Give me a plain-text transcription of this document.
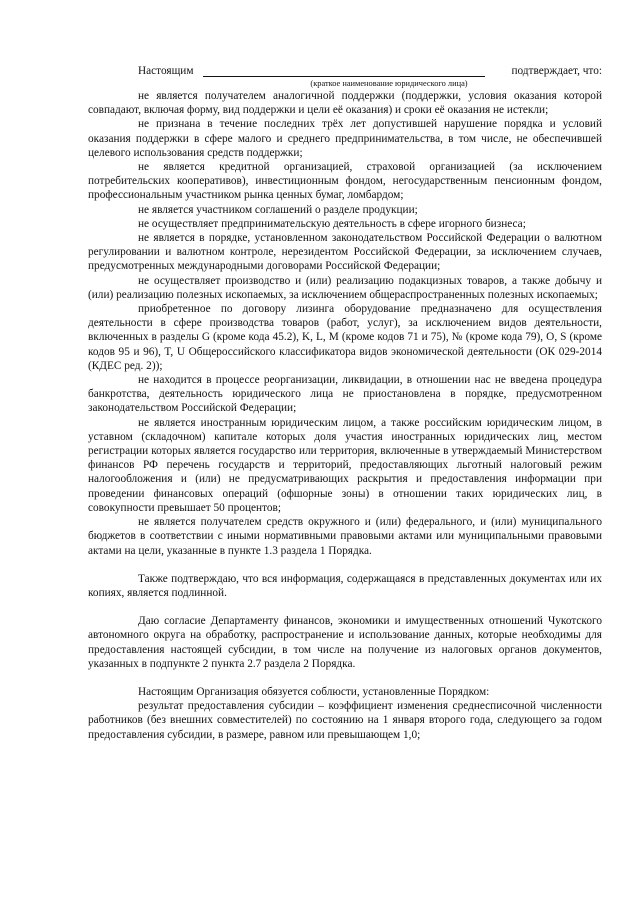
Настоящим	подтверждает, что:
(краткое наименование юридического лица)

не является получателем аналогичной поддержки (поддержки, условия оказания которой совпадают, включая форму, вид поддержки и цели её оказания) и сроки её оказания не истекли;

не признана в течение последних трёх лет допустившей нарушение порядка и условий оказания поддержки в сфере малого и среднего предпринимательства, в том числе, не обеспечившей целевого использования средств поддержки;

не является кредитной организацией, страховой организацией (за исключением потребительских кооперативов), инвестиционным фондом, негосударственным пенсионным фондом, профессиональным участником рынка ценных бумаг, ломбардом;

не является участником соглашений о разделе продукции;

не осуществляет предпринимательскую деятельность в сфере игорного бизнеса;

не является в порядке, установленном законодательством Российской Федерации о валютном регулировании и валютном контроле, нерезидентом Российской Федерации, за исключением случаев, предусмотренных международными договорами Российской Федерации;

не осуществляет производство и (или) реализацию подакцизных товаров, а также добычу и (или) реализацию полезных ископаемых, за исключением общераспространенных полезных ископаемых;

приобретенное по договору лизинга оборудование предназначено для осуществления деятельности в сфере производства товаров (работ, услуг), за исключением видов деятельности, включенных в разделы G (кроме кода 45.2), K, L, M (кроме кодов 71 и 75), № (кроме кода 79), O, S (кроме кодов 95 и 96), T, U Общероссийского классификатора видов экономической деятельности (ОК 029-2014 (КДЕС ред. 2));

не находится в процессе реорганизации, ликвидации, в отношении нас не введена процедура банкротства, деятельность юридического лица не приостановлена в порядке, предусмотренном законодательством Российской Федерации;

не является иностранным юридическим лицом, а также российским юридическим лицом, в уставном (складочном) капитале которых доля участия иностранных юридических лиц, местом регистрации которых является государство или территория, включенные в утверждаемый Министерством финансов РФ перечень государств и территорий, предоставляющих льготный налоговый режим налогообложения и (или) не предусматривающих раскрытия и предоставления информации при проведении финансовых операций (офшорные зоны) в отношении таких юридических лиц, в совокупности превышает 50 процентов;

не является получателем средств окружного и (или) федерального, и (или) муниципального бюджетов в соответствии с иными нормативными правовыми актами или муниципальными правовыми актами на цели, указанные в пункте 1.3 раздела 1 Порядка.

Также подтверждаю, что вся информация, содержащаяся в представленных документах или их копиях, является подлинной.

Даю согласие Департаменту финансов, экономики и имущественных отношений Чукотского автономного округа на обработку, распространение и использование данных, которые необходимы для предоставления настоящей субсидии, в том числе на получение из налоговых органов документов, указанных в подпункте 2 пункта 2.7 раздела 2 Порядка.

Настоящим Организация обязуется соблюсти, установленные Порядком:

результат предоставления субсидии – коэффициент изменения среднесписочной численности работников (без внешних совместителей) по состоянию на 1 января второго года, следующего за годом предоставления субсидии, в размере, равном или превышающем 1,0;
